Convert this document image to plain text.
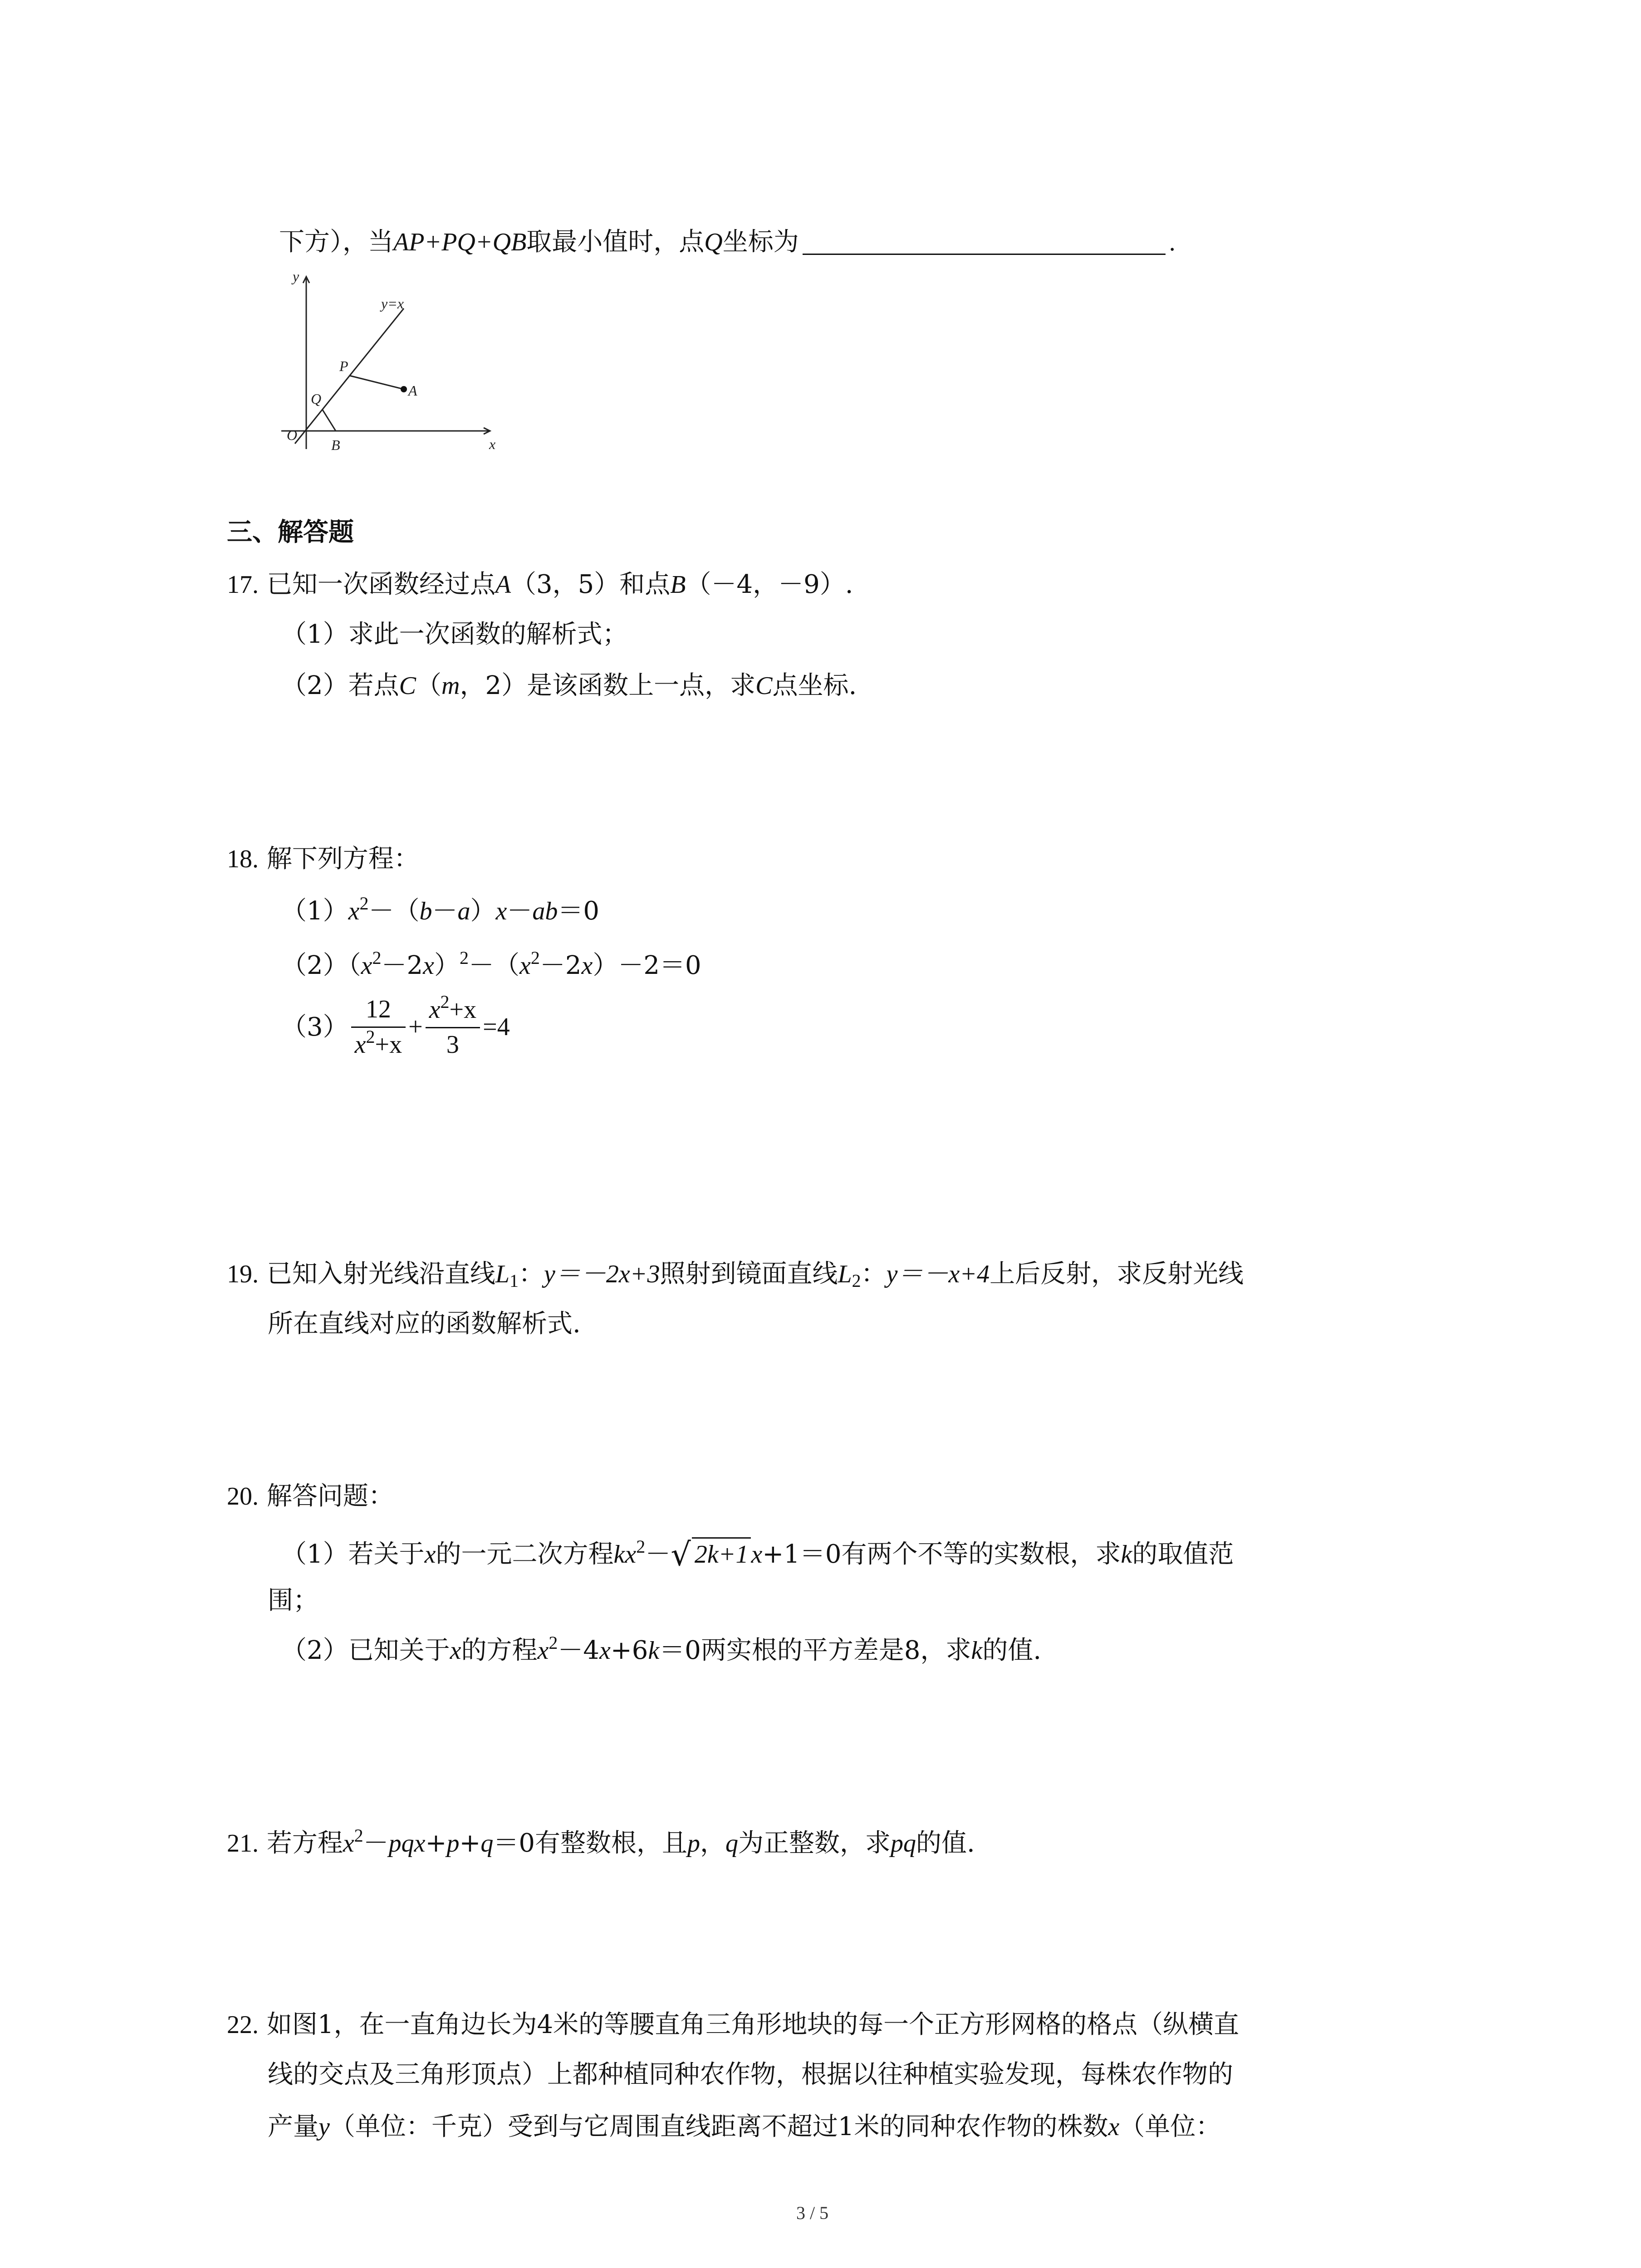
下方），当AP+PQ+QB取最小值时，点Q坐标为	.
y
x
y=x
P
Q	A
O
B
三、解答题
17. 已知一次函数经过点A（3，5）和点B（－4，－9）.
（1）求此一次函数的解析式；
（2）若点C（m，2）是该函数上一点，求C点坐标.
18. 解下列方程：
$(1)x^2-(b-a)x-ab=0$
$(2)(x^2-2x)^2-(x^2-2x)-2=0$
$(3) \frac{12}{x^2+x} + \frac{x^2+x}{3} =4$
19. 已知入射光线沿直线$L_1$：y＝－2x+3照射到镜面直线$L_2$：y＝－x+4上后反射，求反射光线
所在直线对应的函数解析式.
20. 解答问题：
（1）若关于x的一元二次方程$kx^2-√$ 2k+1 x+1＝0有两个不等的实数根，求k的取值范
围；
（2）已知关于x的方程$x^2-4x+6k=0$两实根的平方差是8，求k的值.
21. 若方程$x^2-pqx+p+q=0$有整数根，且p，q为正整数，求pq的值.
22. 如图1，在一直角边长为4米的等腰直角三角形地块的每一个正方形网格的格点（纵横直
线的交点及三角形顶点）上都种植同种农作物，根据以往种植实验发现，每株农作物的
产量y（单位：千克）受到与它周围直线距离不超过1米的同种农作物的株数x（单位：
3 / 5
